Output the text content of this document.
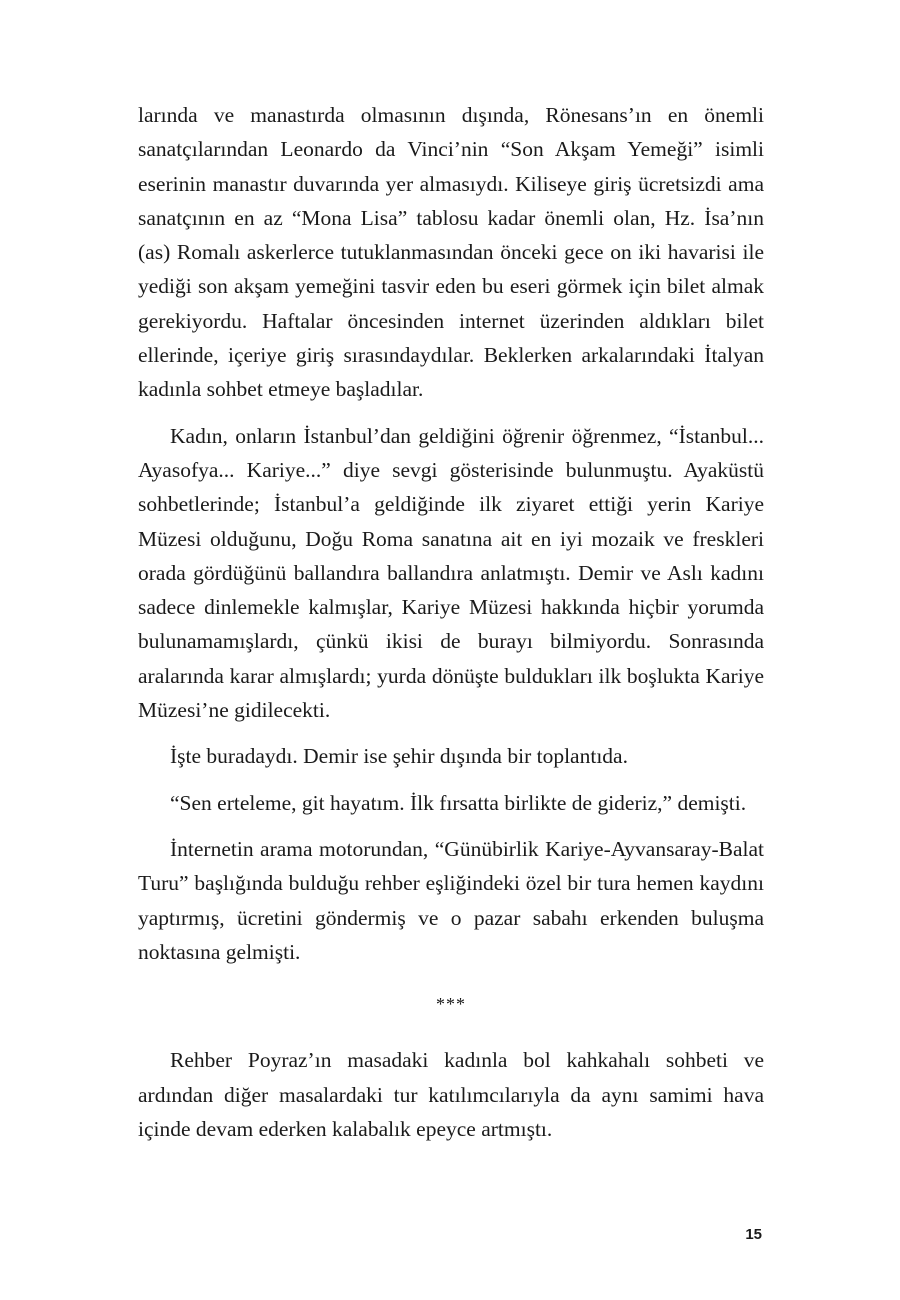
larında ve manastırda olmasının dışında, Rönesans’ın en önemli sanatçılarından Leonardo da Vinci’nin “Son Akşam Yemeği” isimli eserinin manastır duvarında yer almasıydı. Kiliseye giriş ücretsizdi ama sanatçının en az “Mona Lisa” tablosu kadar önemli olan, Hz. İsa’nın (as) Romalı askerlerce tutuklanmasından önceki gece on iki havarisi ile yediği son akşam yemeğini tasvir eden bu eseri görmek için bilet almak gerekiyordu. Haftalar öncesinden internet üzerinden aldıkları bilet ellerinde, içeriye giriş sırasındaydılar. Beklerken arkalarındaki İtalyan kadınla sohbet etmeye başladılar.

Kadın, onların İstanbul’dan geldiğini öğrenir öğrenmez, “İstanbul... Ayasofya... Kariye...” diye sevgi gösterisinde bulunmuştu. Ayaküstü sohbetlerinde; İstanbul’a geldiğinde ilk ziyaret ettiği yerin Kariye Müzesi olduğunu, Doğu Roma sanatına ait en iyi mozaik ve freskleri orada gördüğünü ballandıra ballandıra anlatmıştı. Demir ve Aslı kadını sadece dinlemekle kalmışlar, Kariye Müzesi hakkında hiçbir yorumda bulunamamışlardı, çünkü ikisi de burayı bilmiyordu. Sonrasında aralarında karar almışlardı; yurda dönüşte buldukları ilk boşlukta Kariye Müzesi’ne gidilecekti.

İşte buradaydı. Demir ise şehir dışında bir toplantıda.

“Sen erteleme, git hayatım. İlk fırsatta birlikte de gideriz,” demişti.

İnternetin arama motorundan, “Günübirlik Kariye-Ayvansaray-Balat Turu” başlığında bulduğu rehber eşliğindeki özel bir tura hemen kaydını yaptırmış, ücretini göndermiş ve o pazar sabahı erkenden buluşma noktasına gelmişti.

***

Rehber Poyraz’ın masadaki kadınla bol kahkahalı sohbeti ve ardından diğer masalardaki tur katılımcılarıyla da aynı samimi hava içinde devam ederken kalabalık epeyce artmıştı.

15
